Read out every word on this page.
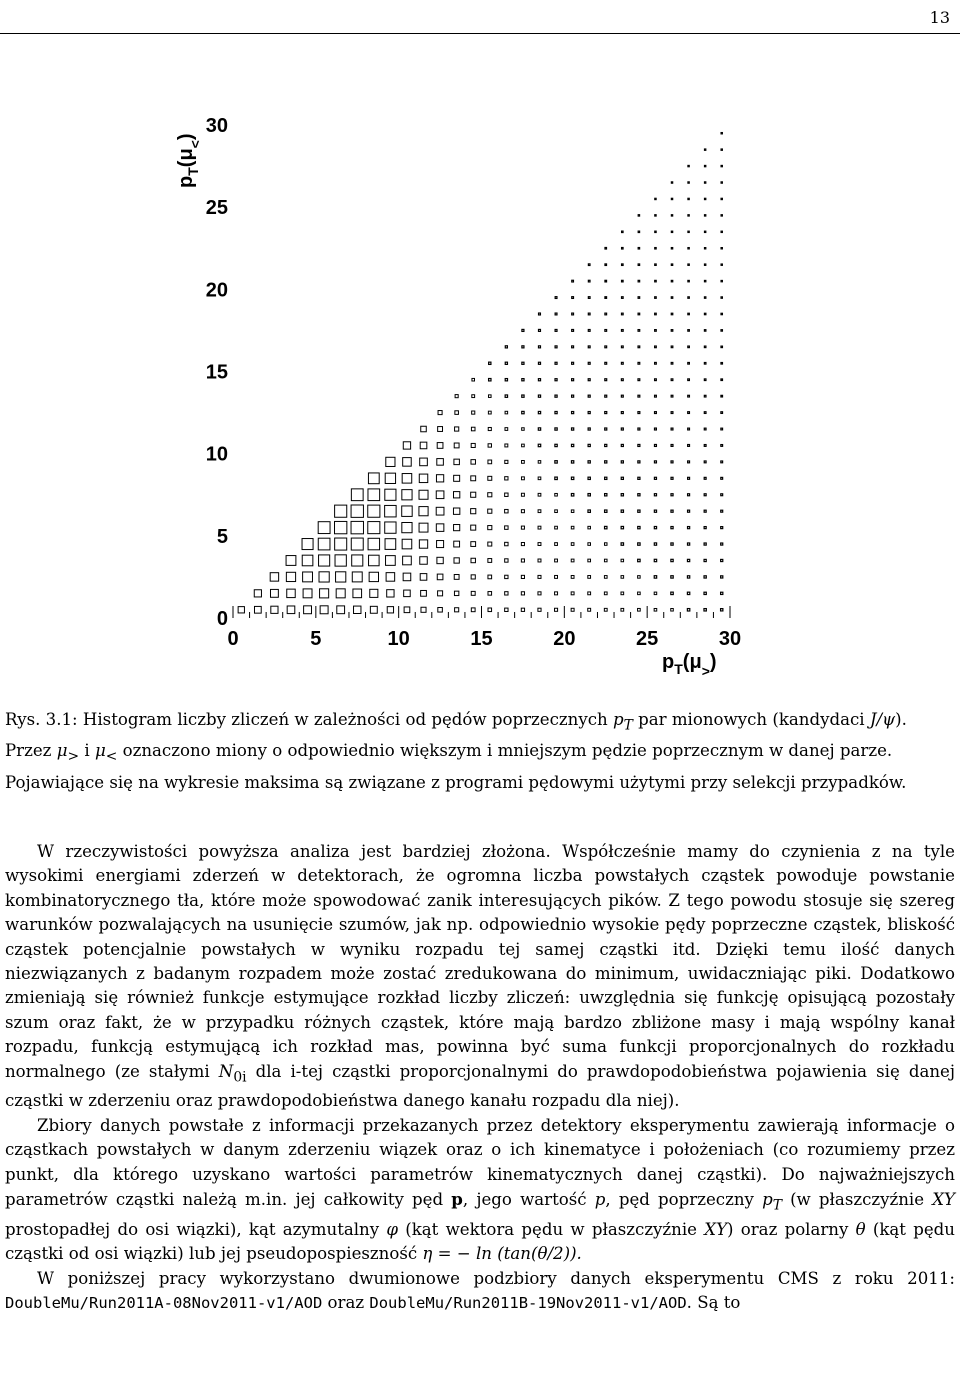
13
0	5	10	15	20	25	30
0
5
10
15
20
25
30
$p_T(\mu_>)$
$p_T(\mu_<)$
Rys. 3.1: Histogram liczby zliczeń w zależności od pędów poprzecznych $p_T$ par mionowych (kandydaci J/ψ). Przez $\mu_>$ i $\mu_<$ oznaczono miony o odpowiednio większym i mniejszym pędzie poprzecznym w danej parze. Pojawiające się na wykresie maksima są związane z programi pędowymi użytymi przy selekcji przypadków.

W rzeczywistości powyższa analiza jest bardziej złożona. Współcześnie mamy do czynienia z na tyle wysokimi energiami zderzeń w detektorach, że ogromna liczba powstałych cząstek powoduje powstanie kombinatorycznego tła, które może spowodować zanik interesujących pików. Z tego powodu stosuje się szereg warunków pozwalających na usunięcie szumów, jak np. odpowiednio wysokie pędy poprzeczne cząstek, bliskość cząstek potencjalnie powstałych w wyniku rozpadu tej samej cząstki itd. Dzięki temu ilość danych niezwiązanych z badanym rozpadem może zostać zredukowana do minimum, uwidaczniając piki. Dodatkowo zmieniają się również funkcje estymujące rozkład liczby zliczeń: uwzględnia się funkcję opisującą pozostały szum oraz fakt, że w przypadku różnych cząstek, które mają bardzo zbliżone masy i mają wspólny kanał rozpadu, funkcją estymującą ich rozkład mas, powinna być suma funkcji proporcjonalnych do rozkładu normalnego (ze stałymi $N_{0i}$ dla i-tej cząstki proporcjonalnymi do prawdopodobieństwa pojawienia się danej cząstki w zderzeniu oraz prawdopodobieństwa danego kanału rozpadu dla niej).

Zbiory danych powstałe z informacji przekazanych przez detektory eksperymentu zawierają informacje o cząstkach powstałych w danym zderzeniu wiązek oraz o ich kinematyce i położeniach (co rozumiemy przez punkt, dla którego uzyskano wartości parametrów kinematycznych danej cząstki). Do najważniejszych parametrów cząstki należą m.in. jej całkowity pęd p, jego wartość p, pęd poprzeczny $p_T$ (w płaszczyźnie XY prostopadłej do osi wiązki), kąt azymutalny φ (kąt wektora pędu w płaszczyźnie XY) oraz polarny θ (kąt pędu cząstki od osi wiązki) lub jej pseudopospieszność η = − ln (tan(θ/2)).

W poniższej pracy wykorzystano dwumionowe podzbiory danych eksperymentu CMS z roku 2011: DoubleMu/Run2011A-08Nov2011-v1/AOD oraz DoubleMu/Run2011B-19Nov2011-v1/AOD. Są to
